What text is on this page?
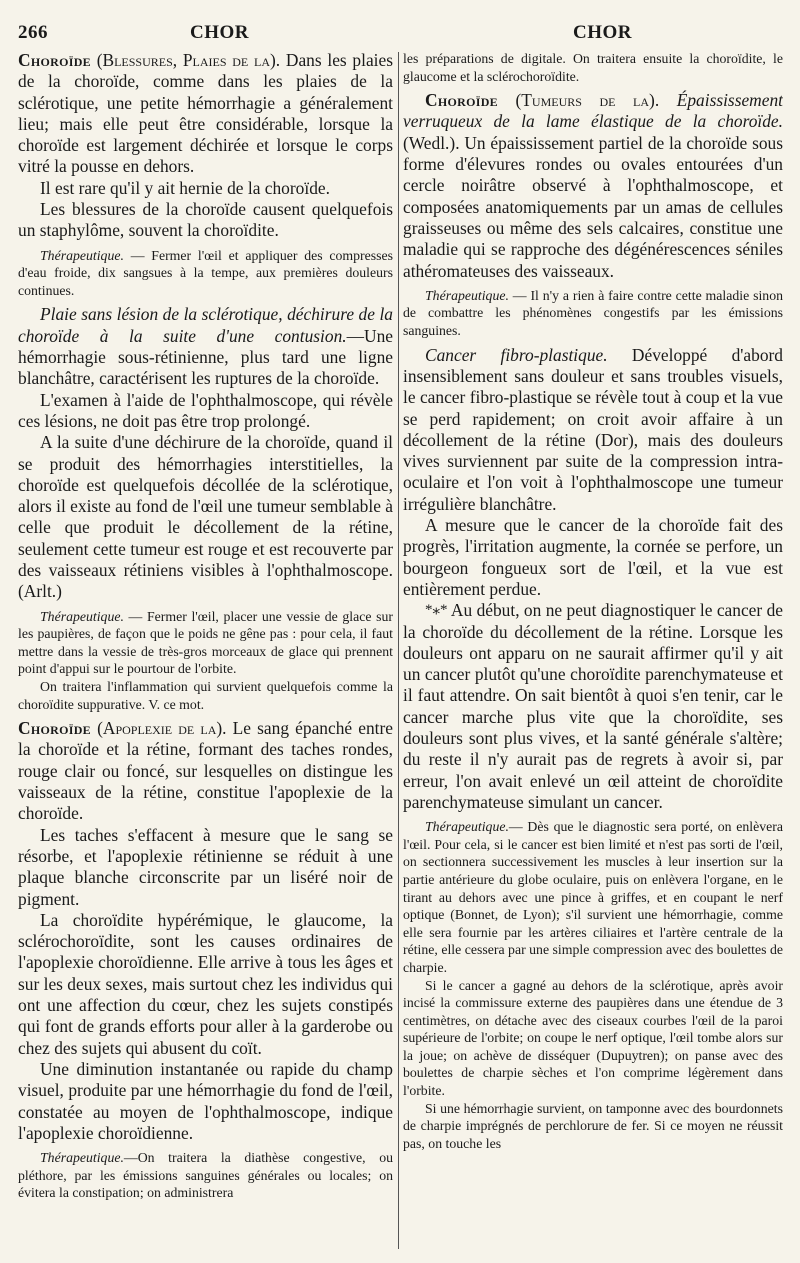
266	CHOR	CHOR

Choroïde (Blessures, Plaies de la). Dans les plaies de la choroïde, comme dans les plaies de la sclérotique, une petite hémorrhagie a généralement lieu; mais elle peut être considérable, lorsque la choroïde est largement déchirée et lorsque le corps vitré la pousse en dehors.

Il est rare qu'il y ait hernie de la choroïde.

Les blessures de la choroïde causent quelquefois un staphylôme, souvent la choroïdite.

Thérapeutique. — Fermer l'œil et appliquer des compresses d'eau froide, dix sangsues à la tempe, aux premières douleurs continues.

Plaie sans lésion de la sclérotique, déchirure de la choroïde à la suite d'une contusion.—Une hémorrhagie sous-rétinienne, plus tard une ligne blanchâtre, caractérisent les ruptures de la choroïde.

L'examen à l'aide de l'ophthalmoscope, qui révèle ces lésions, ne doit pas être trop prolongé.

A la suite d'une déchirure de la choroïde, quand il se produit des hémorrhagies interstitielles, la choroïde est quelquefois décollée de la sclérotique, alors il existe au fond de l'œil une tumeur semblable à celle que produit le décollement de la rétine, seulement cette tumeur est rouge et est recouverte par des vaisseaux rétiniens visibles à l'ophthalmoscope. (Arlt.)

Thérapeutique. — Fermer l'œil, placer une vessie de glace sur les paupières, de façon que le poids ne gêne pas : pour cela, il faut mettre dans la vessie de très-gros morceaux de glace qui prennent point d'appui sur le pourtour de l'orbite.

On traitera l'inflammation qui survient quelquefois comme la choroïdite suppurative. V. ce mot.

Choroïde (Apoplexie de la). Le sang épanché entre la choroïde et la rétine, formant des taches rondes, rouge clair ou foncé, sur lesquelles on distingue les vaisseaux de la rétine, constitue l'apoplexie de la choroïde.

Les taches s'effacent à mesure que le sang se résorbe, et l'apoplexie rétinienne se réduit à une plaque blanche circonscrite par un liséré noir de pigment.

La choroïdite hypérémique, le glaucome, la sclérochoroïdite, sont les causes ordinaires de l'apoplexie choroïdienne. Elle arrive à tous les âges et sur les deux sexes, mais surtout chez les individus qui ont une affection du cœur, chez les sujets constipés qui font de grands efforts pour aller à la garderobe ou chez des sujets qui abusent du coït.

Une diminution instantanée ou rapide du champ visuel, produite par une hémorrhagie du fond de l'œil, constatée au moyen de l'ophthalmoscope, indique l'apoplexie choroïdienne.

Thérapeutique.—On traitera la diathèse congestive, ou pléthore, par les émissions sanguines générales ou locales; on évitera la constipation; on administrera

les préparations de digitale. On traitera ensuite la choroïdite, le glaucome et la sclérochoroïdite.

Choroïde (Tumeurs de la). Épaississement verruqueux de la lame élastique de la choroïde. (Wedl.). Un épaississement partiel de la choroïde sous forme d'élevures rondes ou ovales entourées d'un cercle noirâtre observé à l'ophthalmoscope, et composées anatomiquements par un amas de cellules graisseuses ou même des sels calcaires, constitue une maladie qui se rapproche des dégénérescences séniles athéromateuses des vaisseaux.

Thérapeutique. — Il n'y a rien à faire contre cette maladie sinon de combattre les phénomènes congestifs par les émissions sanguines.

Cancer fibro-plastique. Développé d'abord insensiblement sans douleur et sans troubles visuels, le cancer fibro-plastique se révèle tout à coup et la vue se perd rapidement; on croit avoir affaire à un décollement de la rétine (Dor), mais des douleurs vives surviennent par suite de la compression intra-oculaire et l'on voit à l'ophthalmoscope une tumeur irrégulière blanchâtre.

A mesure que le cancer de la choroïde fait des progrès, l'irritation augmente, la cornée se perfore, un bourgeon fongueux sort de l'œil, et la vue est entièrement perdue.

*⁎* Au début, on ne peut diagnostiquer le cancer de la choroïde du décollement de la rétine. Lorsque les douleurs ont apparu on ne saurait affirmer qu'il y ait un cancer plutôt qu'une choroïdite parenchymateuse et il faut attendre. On sait bientôt à quoi s'en tenir, car le cancer marche plus vite que la choroïdite, ses douleurs sont plus vives, et la santé générale s'altère; du reste il n'y aurait pas de regrets à avoir si, par erreur, l'on avait enlevé un œil atteint de choroïdite parenchymateuse simulant un cancer.

Thérapeutique.— Dès que le diagnostic sera porté, on enlèvera l'œil. Pour cela, si le cancer est bien limité et n'est pas sorti de l'œil, on sectionnera successivement les muscles à leur insertion sur la partie antérieure du globe oculaire, puis on enlèvera l'organe, en le tirant au dehors avec une pince à griffes, et en coupant le nerf optique (Bonnet, de Lyon); s'il survient une hémorrhagie, comme elle sera fournie par les artères ciliaires et l'artère centrale de la rétine, elle cessera par une simple compression avec des boulettes de charpie.

Si le cancer a gagné au dehors de la sclérotique, après avoir incisé la commissure externe des paupières dans une étendue de 3 centimètres, on détache avec des ciseaux courbes l'œil de la paroi supérieure de l'orbite; on coupe le nerf optique, l'œil tombe alors sur la joue; on achève de disséquer (Dupuytren); on panse avec des boulettes de charpie sèches et l'on comprime légèrement dans l'orbite.

Si une hémorrhagie survient, on tamponne avec des bourdonnets de charpie imprégnés de perchlorure de fer. Si ce moyen ne réussit pas, on touche les
